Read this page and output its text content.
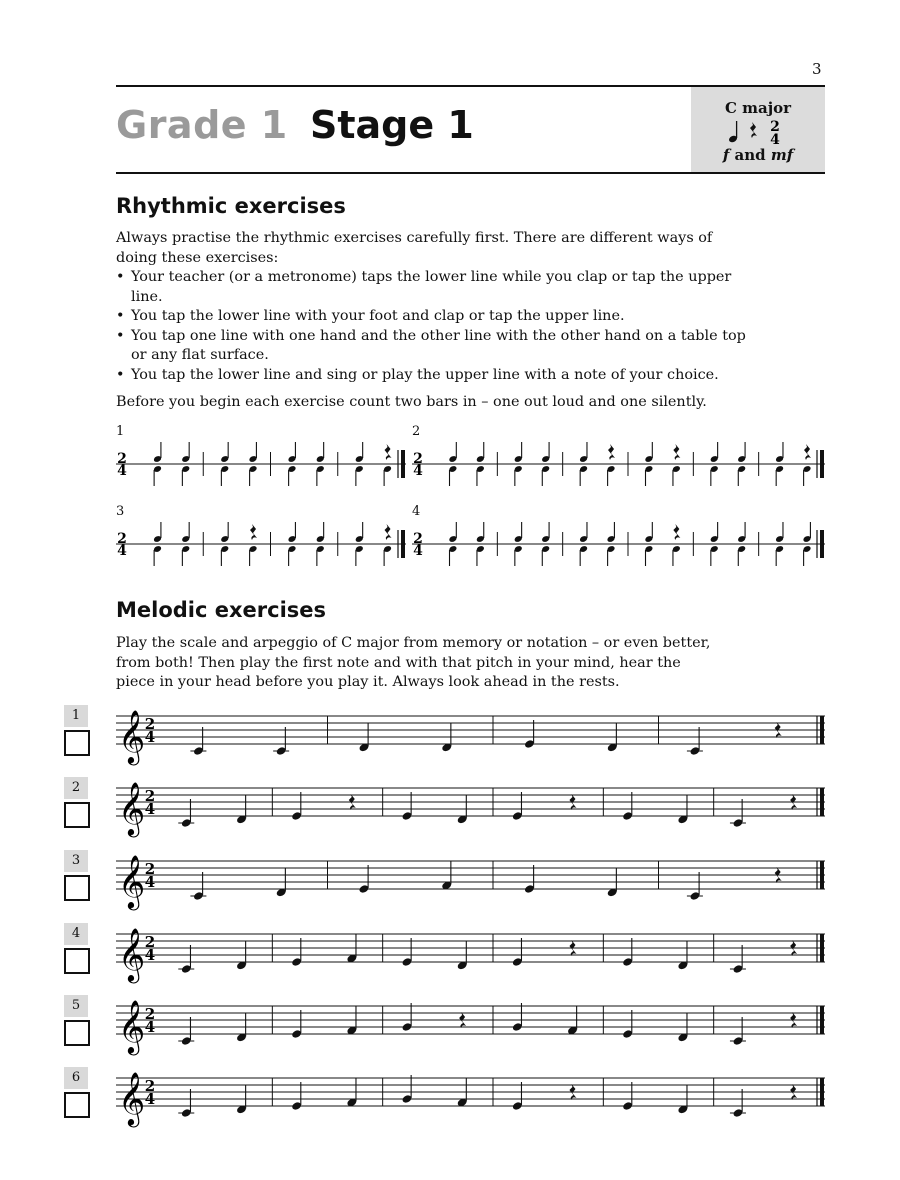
3
Grade 1 Stage 1	C major
2
4
f and mf
Rhythmic exercises

Always practise the rhythmic exercises carefully first. There are different ways of doing these exercises:

• Your teacher (or a metronome) taps the lower line while you clap or tap the upper line.
• You tap the lower line with your foot and clap or tap the upper line.
• You tap one line with one hand and the other line with the other hand on a table top or any flat surface.
• You tap the lower line and sing or play the upper line with a note of your choice.

Before you begin each exercise count two bars in – one out loud and one silently.

1
2
4
2
2
4
3
2
4
4
2
4
Melodic exercises

Play the scale and arpeggio of C major from memory or notation – or even better, from both! Then play the first note and with that pitch in your mind, hear the piece in your head before you play it. Always look ahead in the rests.

1 𝄞 2
4
2 𝄞 2
4
3 𝄞 2
4
4 𝄞 2
4
5 𝄞 2
4
6 𝄞 2
4
